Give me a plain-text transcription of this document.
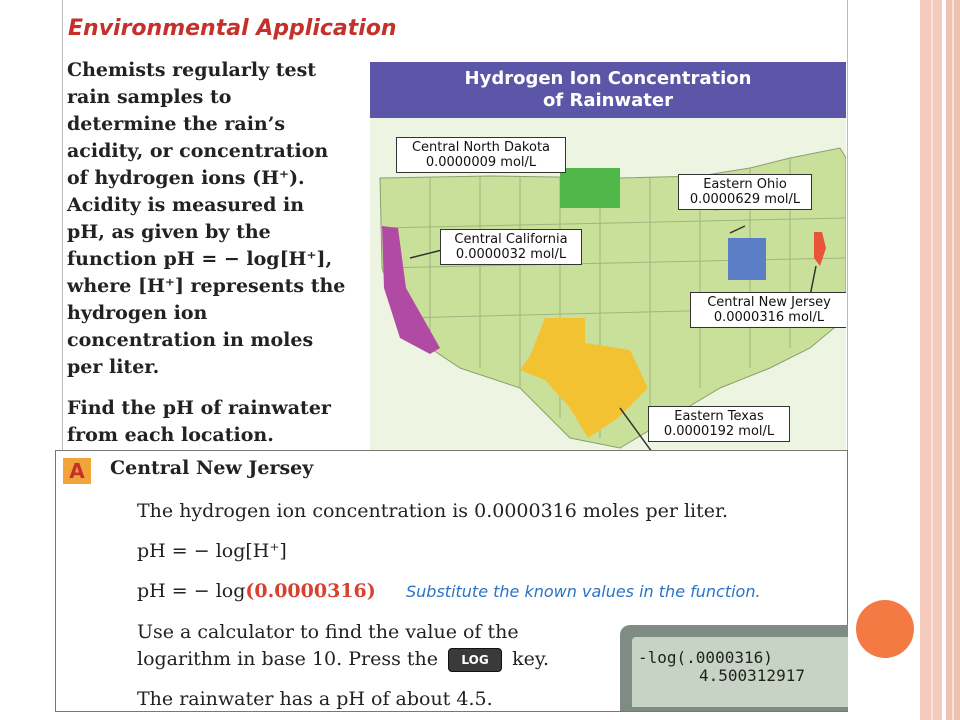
Environmental Application

Chemists regularly test rain samples to determine the rain’s acidity, or concentration of hydrogen ions (H⁺). Acidity is measured in pH, as given by the function pH = − log[H⁺], where [H⁺] represents the hydrogen ion concentration in moles per liter.

Find the pH of rainwater from each location.
Hydrogen Ion Concentration
of Rainwater
Central North Dakota
0.0000009 mol/L
Eastern Ohio
0.0000629 mol/L
Central California
0.0000032 mol/L
Central New Jersey
0.0000316 mol/L
Eastern Texas
0.0000192 mol/L
A	Central New Jersey
The hydrogen ion concentration is 0.0000316 moles per liter.
pH = − log[H⁺]
pH = − log(0.0000316) Substitute the known values in the function.
Use a calculator to find the value of the
logarithm in base 10. Press the LOG key.
The rainwater has a pH of about 4.5.
-log(.0000316)
4.500312917
